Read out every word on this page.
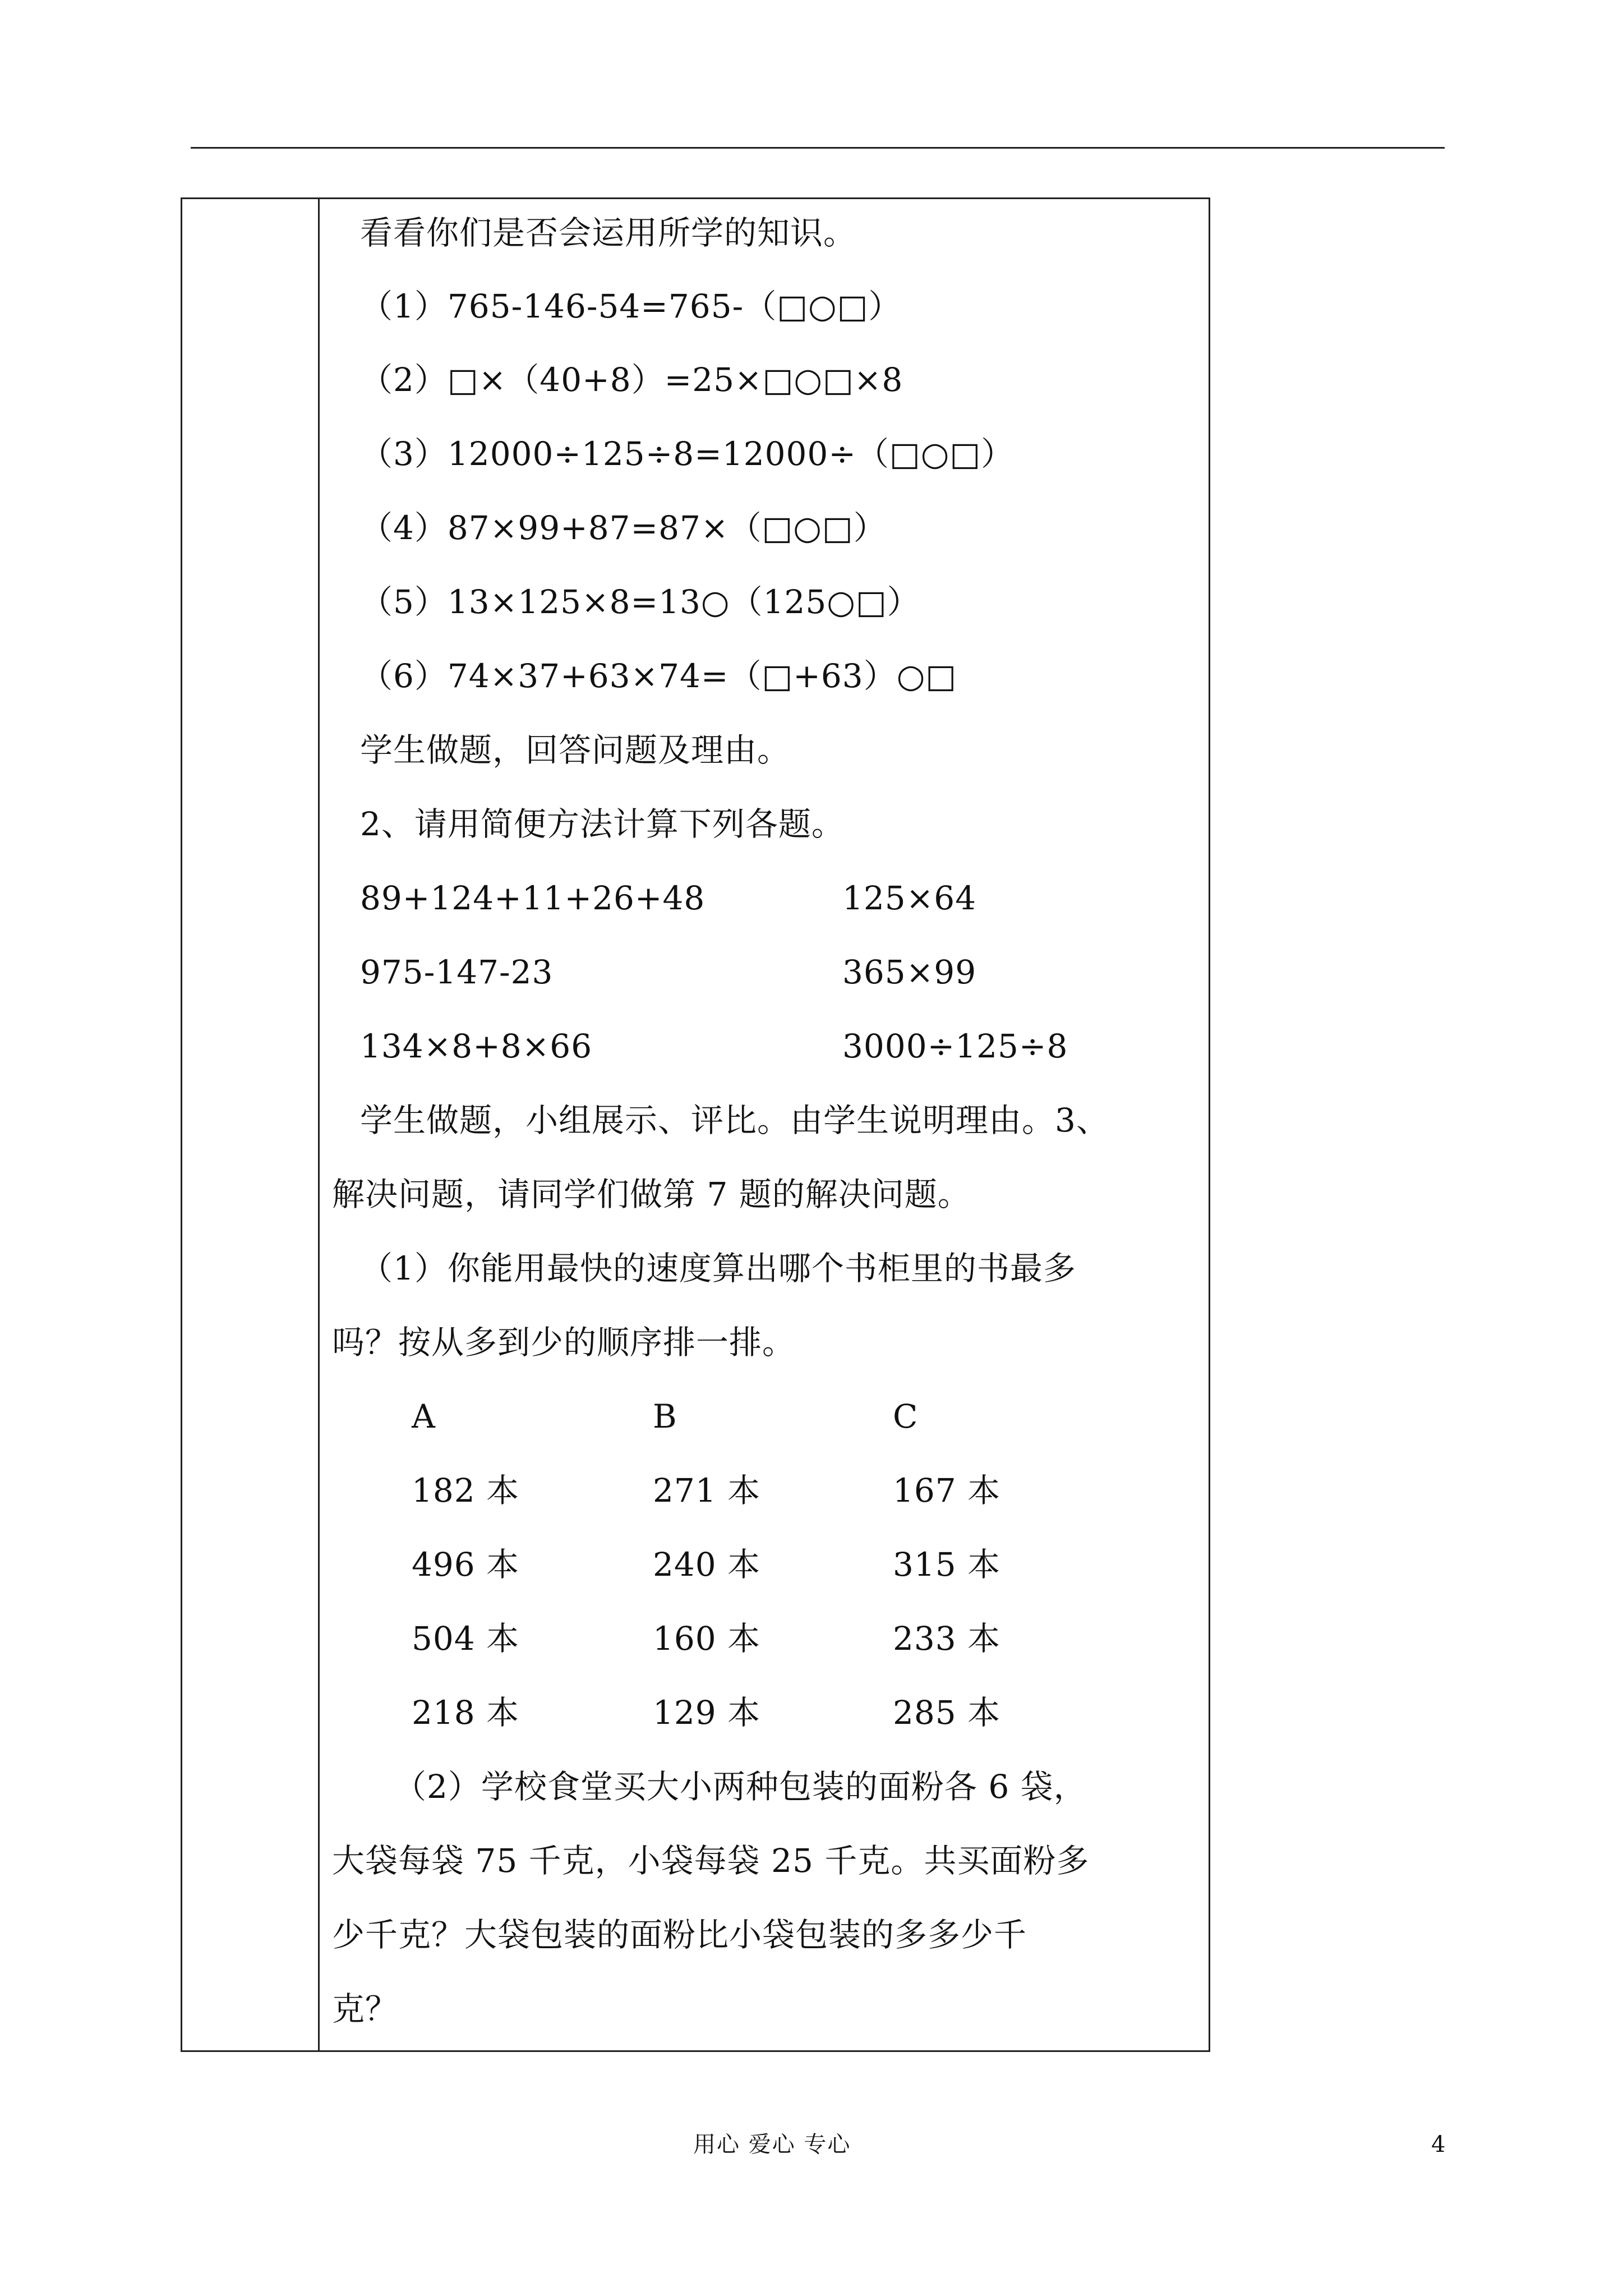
看看你们是否会运用所学的知识。
（1）765-146-54=765-（□○□）
（2）□×（40+8）=25×□○□×8
（3）12000÷125÷8=12000÷（□○□）
（4）87×99+87=87×（□○□）
（5）13×125×8=13○（125○□）
（6）74×37+63×74=（□+63）○□
学生做题，回答问题及理由。
2、请用简便方法计算下列各题。
89+124+11+26+48	125×64
975-147-23	365×99
134×8+8×66	3000÷125÷8
学生做题，小组展示、评比。由学生说明理由。3、
解决问题，请同学们做第 7 题的解决问题。
（1）你能用最快的速度算出哪个书柜里的书最多
吗？按从多到少的顺序排一排。
A	B	C
182 本	271 本	167 本
496 本	240 本	315 本
504 本	160 本	233 本
218 本	129 本	285 本
（2）学校食堂买大小两种包装的面粉各 6 袋，
大袋每袋 75 千克，小袋每袋 25 千克。共买面粉多
少千克？大袋包装的面粉比小袋包装的多多少千
克？
用心 爱心 专心	4
